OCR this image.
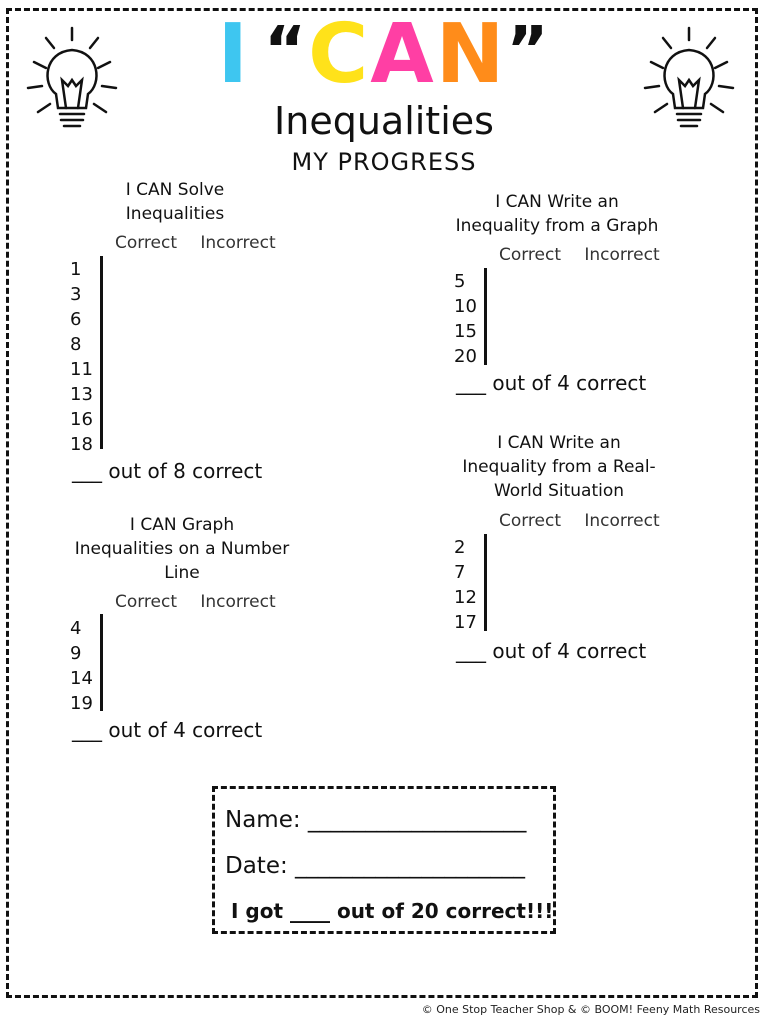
I “CAN”
Inequalities
MY PROGRESS
I CAN Solve
Inequalities
Correct Incorrect
1
3
6
8
11
13
16
18

___ out of 8 correct
I CAN Graph
Inequalities on a Number
Line
Correct Incorrect
4
9
14
19

___ out of 4 correct
I CAN Write an
Inequality from a Graph
Correct Incorrect
5
10
15
20

___ out of 4 correct
I CAN Write an
Inequality from a Real-
World Situation
Correct Incorrect
2
7
12
17

___ out of 4 correct
Name: ___________________
Date: ____________________
I got ____ out of 20 correct!!!
© One Stop Teacher Shop & © BOOM! Feeny Math Resources
